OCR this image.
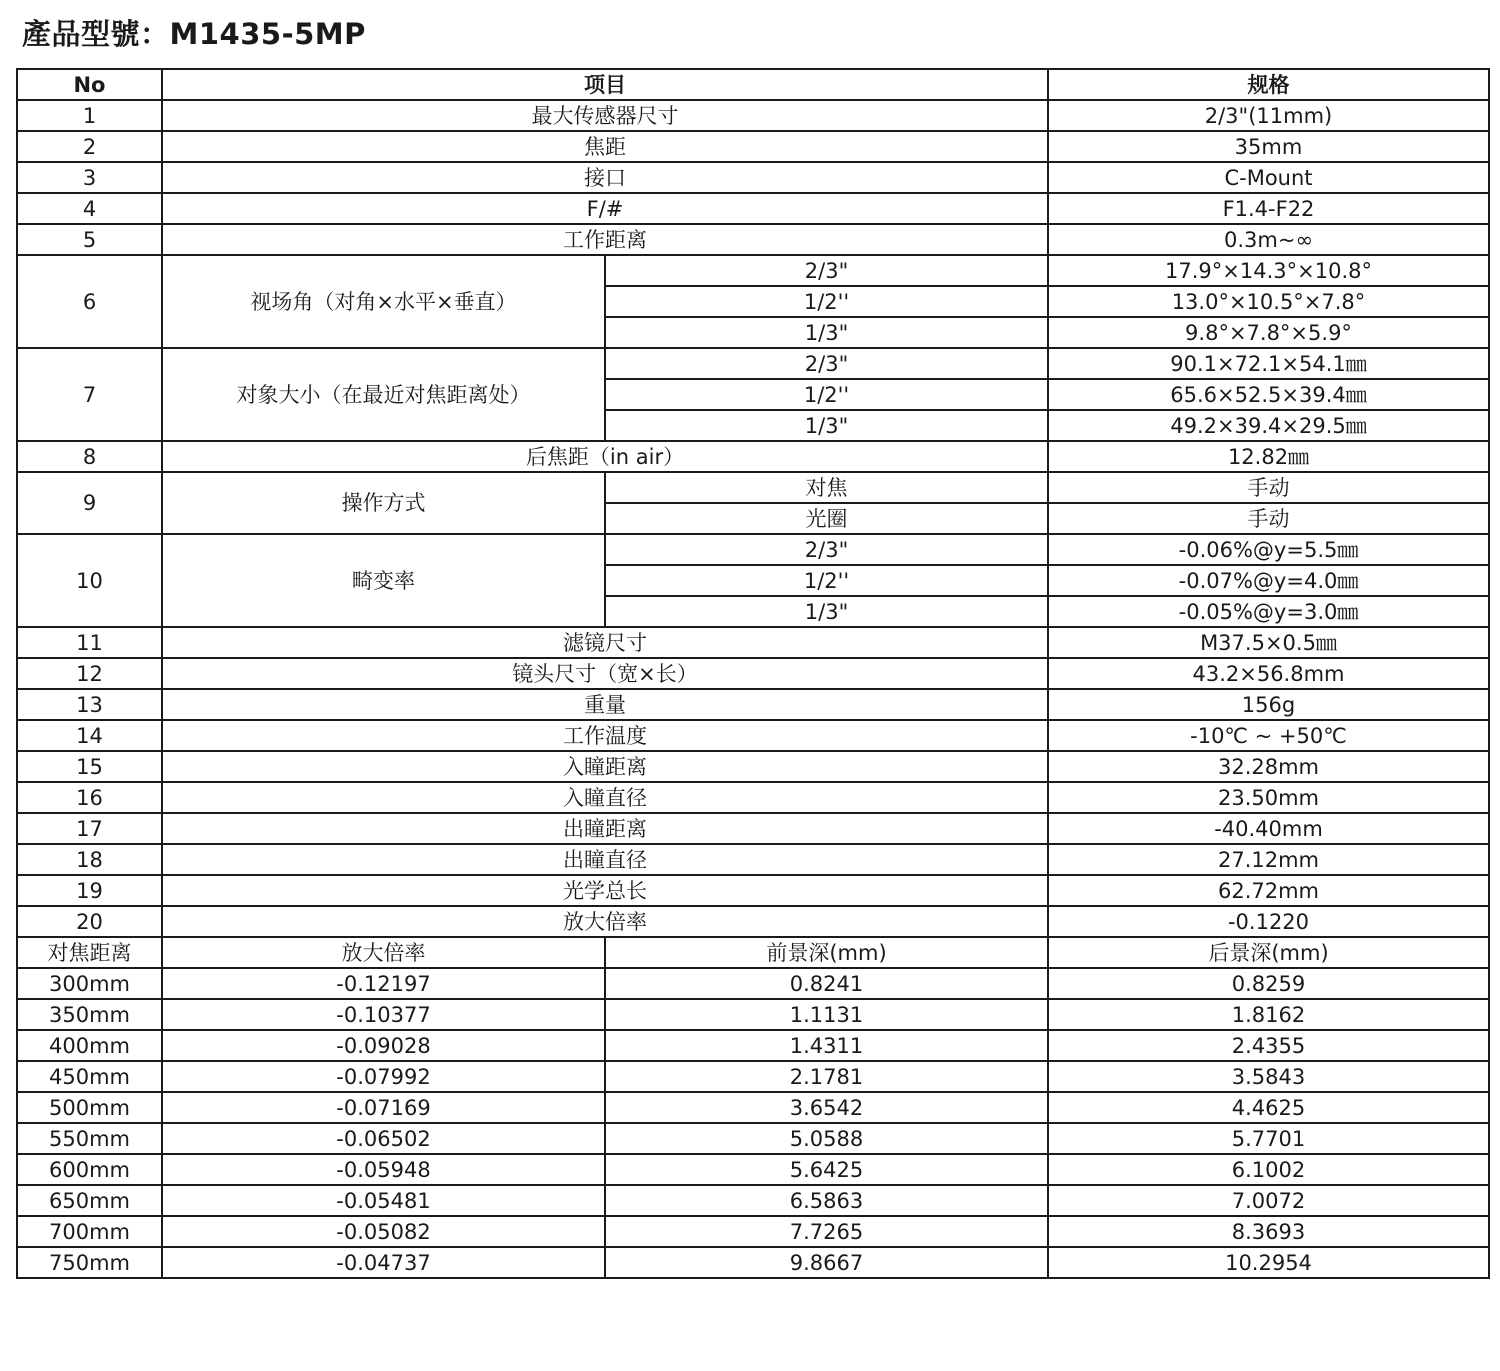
產品型號：M1435-5MP
No	项目		规格
1	最大传感器尺寸		2/3"(11mm)
2	焦距		35mm
3	接口		C-Mount
4	F/#		F1.4-F22
5	工作距离		0.3m~∞
6	视场角（对角×水平×垂直）	2/3"	17.9°×14.3°×10.8°
		1/2''	13.0°×10.5°×7.8°
		1/3"	9.8°×7.8°×5.9°
7	对象大小（在最近对焦距离处）	2/3"	90.1×72.1×54.1㎜
		1/2''	65.6×52.5×39.4㎜
		1/3"	49.2×39.4×29.5㎜
8	后焦距（in air）		12.82㎜
9	操作方式	对焦	手动
		光圈	手动
10	畸变率	2/3"	-0.06%@y=5.5㎜
		1/2''	-0.07%@y=4.0㎜
		1/3"	-0.05%@y=3.0㎜
11	滤镜尺寸		M37.5×0.5㎜
12	镜头尺寸（宽×长）		43.2×56.8mm
13	重量		156g
14	工作温度		-10℃ ~ +50℃
15	入瞳距离		32.28mm
16	入瞳直径		23.50mm
17	出瞳距离		-40.40mm
18	出瞳直径		27.12mm
19	光学总长		62.72mm
20	放大倍率		-0.1220
对焦距离	放大倍率	前景深(mm)	后景深(mm)
300mm	-0.12197	0.8241	0.8259
350mm	-0.10377	1.1131	1.8162
400mm	-0.09028	1.4311	2.4355
450mm	-0.07992	2.1781	3.5843
500mm	-0.07169	3.6542	4.4625
550mm	-0.06502	5.0588	5.7701
600mm	-0.05948	5.6425	6.1002
650mm	-0.05481	6.5863	7.0072
700mm	-0.05082	7.7265	8.3693
750mm	-0.04737	9.8667	10.2954
